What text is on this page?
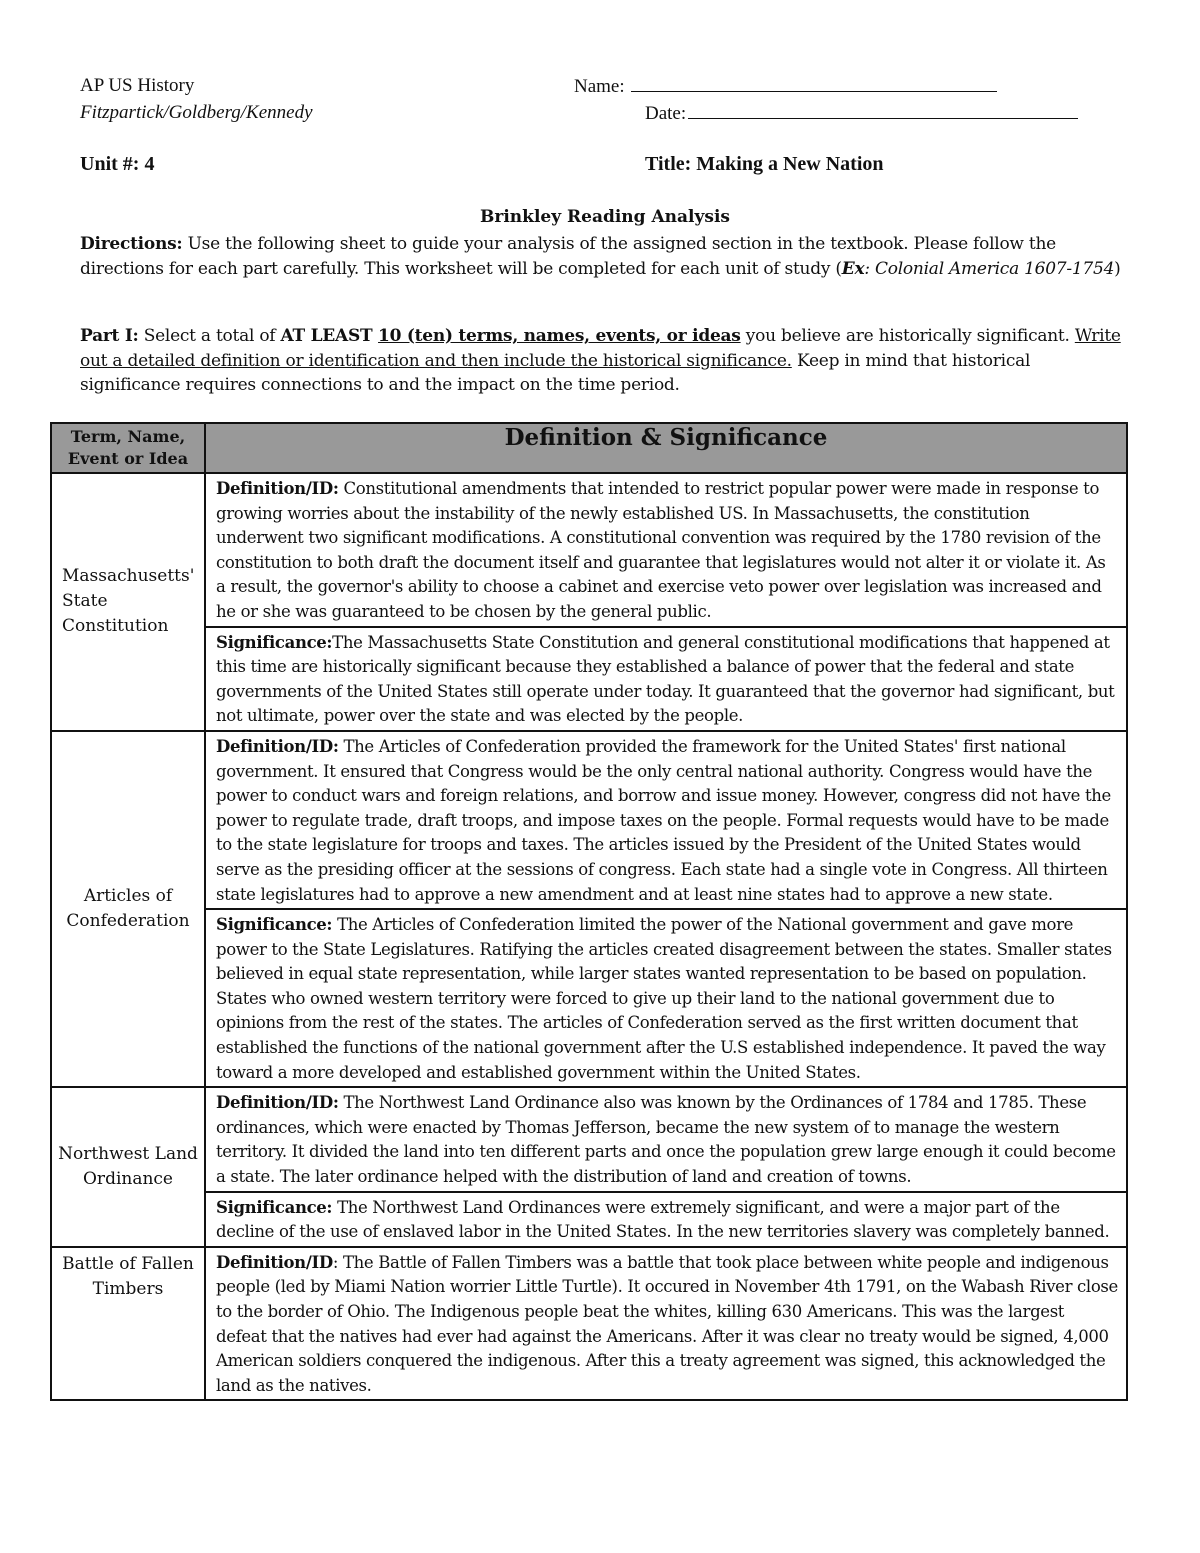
AP US History
Fitzpartick/Goldberg/Kennedy
Name:
Date:
Unit #: 4	Title: Making a New Nation
Brinkley Reading Analysis
Directions: Use the following sheet to guide your analysis of the assigned section in the textbook. Please follow the directions for each part carefully. This worksheet will be completed for each unit of study (Ex: Colonial America 1607-1754)
Part I: Select a total of AT LEAST 10 (ten) terms, names, events, or ideas you believe are historically significant. Write out a detailed definition or identification and then include the historical significance. Keep in mind that historical significance requires connections to and the impact on the time period.
Term, Name, Event or Idea	Definition & Significance
Massachusetts' State Constitution	Definition/ID: Constitutional amendments that intended to restrict popular power were made in response to growing worries about the instability of the newly established US. In Massachusetts, the constitution underwent two significant modifications. A constitutional convention was required by the 1780 revision of the constitution to both draft the document itself and guarantee that legislatures would not alter it or violate it. As a result, the governor's ability to choose a cabinet and exercise veto power over legislation was increased and he or she was guaranteed to be chosen by the general public.
	Significance:The Massachusetts State Constitution and general constitutional modifications that happened at this time are historically significant because they established a balance of power that the federal and state governments of the United States still operate under today. It guaranteed that the governor had significant, but not ultimate, power over the state and was elected by the people.
Articles of Confederation	Definition/ID: The Articles of Confederation provided the framework for the United States' first national government. It ensured that Congress would be the only central national authority. Congress would have the power to conduct wars and foreign relations, and borrow and issue money. However, congress did not have the power to regulate trade, draft troops, and impose taxes on the people. Formal requests would have to be made to the state legislature for troops and taxes. The articles issued by the President of the United States would serve as the presiding officer at the sessions of congress. Each state had a single vote in Congress. All thirteen state legislatures had to approve a new amendment and at least nine states had to approve a new state.
	Significance: The Articles of Confederation limited the power of the National government and gave more power to the State Legislatures. Ratifying the articles created disagreement between the states. Smaller states believed in equal state representation, while larger states wanted representation to be based on population. States who owned western territory were forced to give up their land to the national government due to opinions from the rest of the states. The articles of Confederation served as the first written document that established the functions of the national government after the U.S established independence. It paved the way toward a more developed and established government within the United States.
Northwest Land Ordinance	Definition/ID: The Northwest Land Ordinance also was known by the Ordinances of 1784 and 1785. These ordinances, which were enacted by Thomas Jefferson, became the new system of to manage the western territory. It divided the land into ten different parts and once the population grew large enough it could become a state. The later ordinance helped with the distribution of land and creation of towns.
	Significance: The Northwest Land Ordinances were extremely significant, and were a major part of the decline of the use of enslaved labor in the United States. In the new territories slavery was completely banned.
Battle of Fallen Timbers	Definition/ID: The Battle of Fallen Timbers was a battle that took place between white people and indigenous people (led by Miami Nation worrier Little Turtle). It occured in November 4th 1791, on the Wabash River close to the border of Ohio. The Indigenous people beat the whites, killing 630 Americans. This was the largest defeat that the natives had ever had against the Americans. After it was clear no treaty would be signed, 4,000 American soldiers conquered the indigenous. After this a treaty agreement was signed, this acknowledged the land as the natives.
